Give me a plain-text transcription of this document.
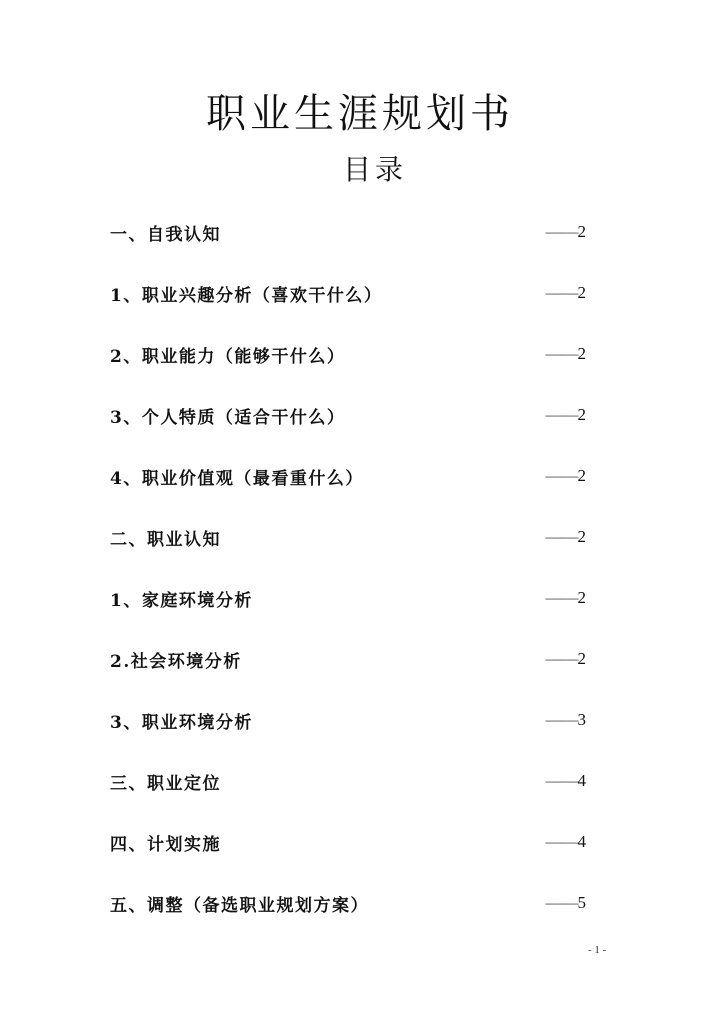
职业生涯规划书
目录
一、自我认知	——2
1、职业兴趣分析（喜欢干什么）	——2
2、职业能力（能够干什么）	——2
3、个人特质（适合干什么）	——2
4、职业价值观（最看重什么）	——2
二、职业认知	——2
1、家庭环境分析	——2
2.社会环境分析	——2
3、职业环境分析	——3
三、职业定位	——4
四、计划实施	——4
五、调整（备选职业规划方案）	——5
- 1 -
